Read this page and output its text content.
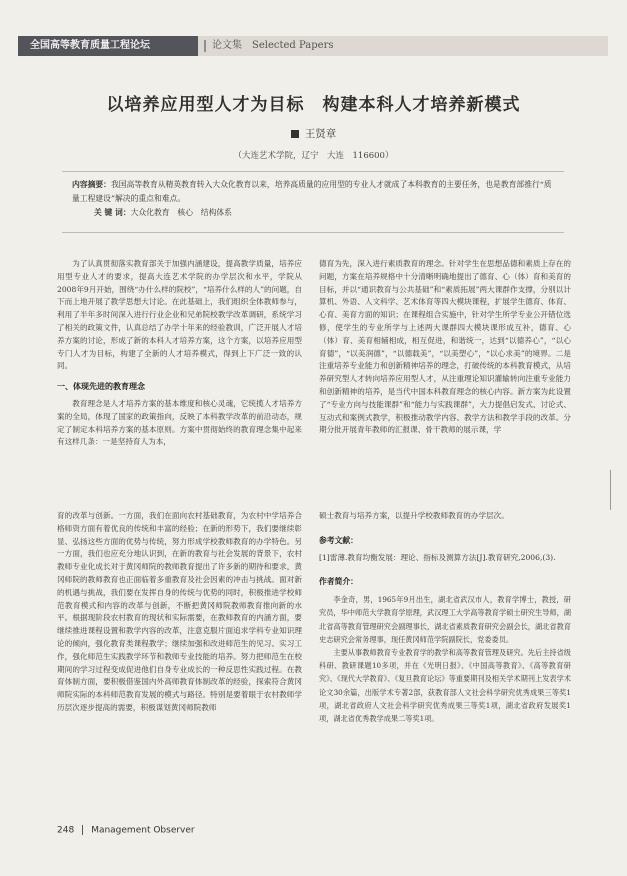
全国高等教育质量工程论坛	论文集 Selected Papers
以培养应用型人才为目标　构建本科人才培养新模式
王贤章
（大连艺术学院，辽宁　大连　116600）
内容摘要：我国高等教育从精英教育转入大众化教育以来，培养高质量的应用型的专业人才就成了本科教育的主要任务，也是教育部推行“质量工程建设”解决的重点和难点。
关 键 词：大众化教育　核心　结构体系

为了认真贯彻落实教育部关于加强内涵建设，提高教学质量，培养应用型专业人才的要求，提高大连艺术学院的办学层次和水平，学院从2008年9月开始，围绕“办什么样的院校”，“培养什么样的人”的问题，自下而上地开展了教学思想大讨论。在此基础上，我们组织全体教师参与，利用了半年多时间深入进行行业企业和兄弟院校教学改革调研，系统学习了相关的政策文件，认真总结了办学十年来的经验教训，广泛开展人才培养方案的讨论，形成了新的本科人才培养方案，这个方案，以培养应用型专门人才为目标，构建了全新的人才培养模式，得到上下广泛一致的认同。

一、体现先进的教育理念

教育理念是人才培养方案的基本维度和核心灵魂，它统揽人才培养方案的全局，体现了国家的政策指向，反映了本科教学改革的前沿动态，规定了制定本科培养方案的基本原则。方案中贯彻始终的教育理念集中起来有这样几条：一是坚持育人为本，

德育为先，深入进行素质教育的理念。针对学生在思想品德和素质上存在的问题，方案在培养规格中十分清晰明确地提出了德育、心（体）育和美育的目标，并以“通识教育与公共基础”和“素质拓展”两大课群作支撑，分别以计算机、外语、人文科学、艺术体育等四大模块课程，扩展学生德育、体育、心育、美育方面的知识；在课程组合实施中，针对学生所学专业公开错位选修，使学生的专业所学与上述两大课群四大模块课形成互补，德育、心（体）育、美育相辅相成，相互促进，和谐统一，达到“以德养心”，“以心育德”，“以美润德”，“以德载美”，“以美塑心”，“以心求美”的境界。二是注重培养专业能力和创新精神培养的理念，打破传统的本科教育模式，从培养研究型人才转向培养应用型人才，从注重理论知识灌输转向注重专业能力和创新精神的培养，是当代中国本科教育理念的核心内容。新方案为此设置了“专业方向与技能课群”和“能力与实践课群”，大力提倡启发式、讨论式、互动式和案例式教学，积极推动教学内容、教学方法和教学手段的改革。分期分批开展青年教师的汇报课、骨干教师的展示课，学

育的改革与创新。一方面，我们在面向农村基础教育，为农村中学培养合格师资方面有着优良的传统和丰富的经验；在新的形势下，我们要继续彰显、弘扬这些方面的优势与传统，努力形成学校教师教育的办学特色。另一方面，我们也应充分地认识到，在新的教育与社会发展的背景下，农村教师专业化成长对于黄冈师院的教师教育提出了许多新的期待和要求，黄冈师院的教师教育也正面临着多重教育及社会因素的冲击与挑战。面对新的机遇与挑战，我们要在发挥自身的传统与优势的同时，积极推进学校师范教育模式和内容的改革与创新，不断把黄冈师院教师教育推向新的水平。根据现阶段农村教育的现状和实际需要，在教师教育的内涵方面，要继续推进课程设置和教学内容的改革，注意克服片面追求学科专业知识理论的倾向，强化教育类课程教学；继续加强和改进师范生的见习、实习工作，强化师范生实践教学环节和教师专业技能的培养。努力把师范生在校期间的学习过程变成促进他们自身专业成长的一种反思性实践过程。在教育体制方面，要积极借鉴国内外高师教育体制改革的经验，探索符合黄冈师院实际的本科师范教育发展的模式与路径。特别是要着眼于农村教师学历层次逐步提高的需要，积极谋划黄冈师院教师

硕士教育与培养方案，以提升学校教师教育的办学层次。

参考文献：

[1]雷薄.教育均衡发展：理论、指标及测算方法[J].教育研究,2006,(3).

作者简介：

李金奇，男，1965年9月出生，湖北省武汉市人，教育学博士，教授，研究员，华中师范大学教育学原理，武汉理工大学高等教育学硕士研究生导师，湖北省高等教育管理研究会副理事长，湖北省素质教育研究会副会长，湖北省教育史志研究会常务理事，现任黄冈师范学院副院长，党委委员。

主要从事教师教育专业教育学的教学和高等教育管理及研究。先后主持省级科研、教研课题10多项，并在《光明日报》、《中国高等教育》、《高等教育研究》、《现代大学教育》、《复旦教育论坛》等重要期刊及相关学术期刊上发表学术论文30余篇，出版学术专著2部，获教育部人文社会科学研究优秀成果三等奖1项，湖北省政府人文社会科学研究优秀成果三等奖1项，湖北省政府发展奖1项，湖北省优秀教学成果二等奖1项。

248 Management Observer
